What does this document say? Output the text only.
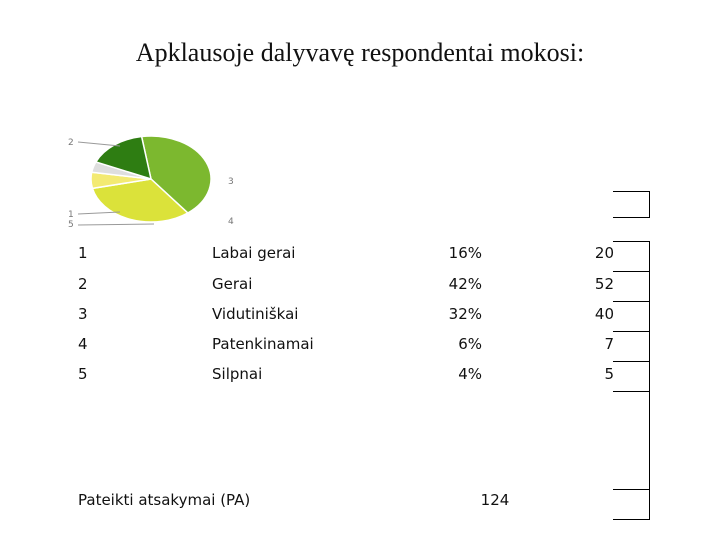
Apklausoje dalyvavę respondentai mokosi:
1
2
3
4
5
1	Labai gerai	16%	20
2	Gerai	42%	52
3	Vidutiniškai	32%	40
4	Patenkinamai	6%	7
5	Silpnai	4%	5
Pateikti atsakymai (PA)	124
